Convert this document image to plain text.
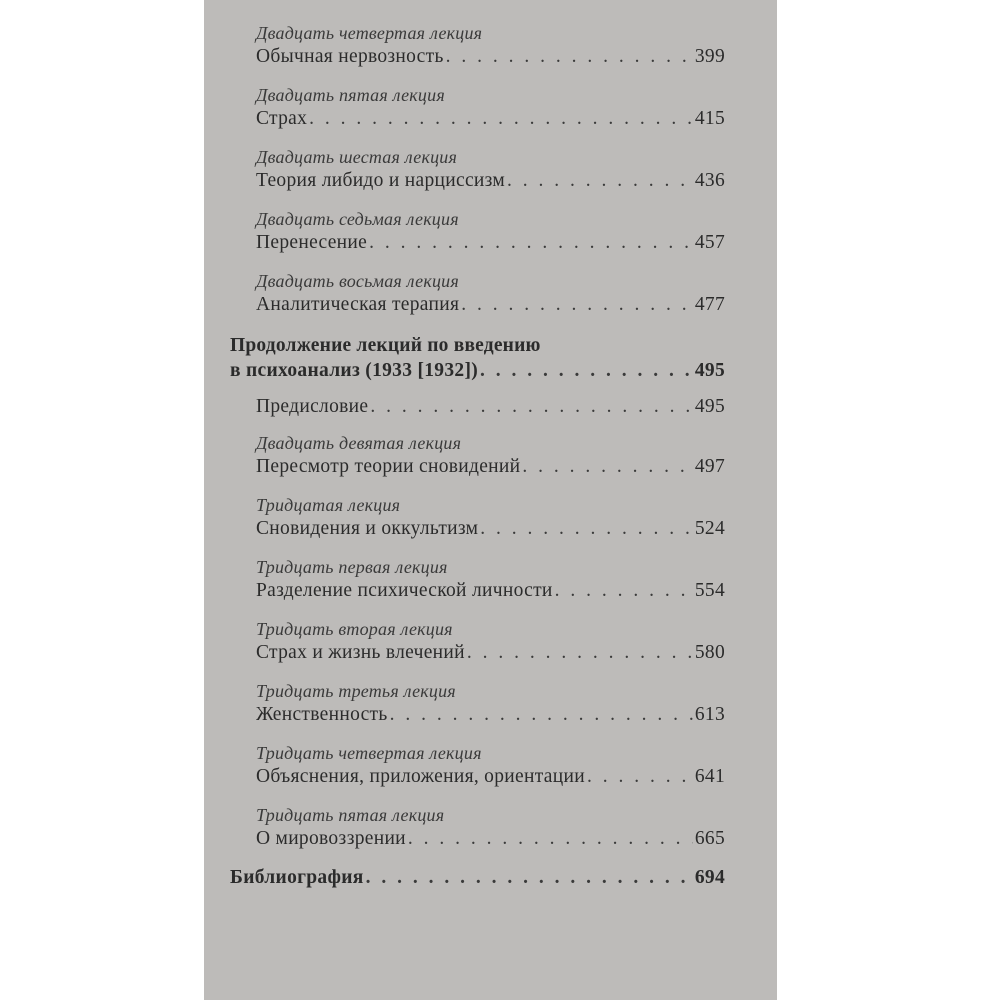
Двадцать четвертая лекция
Обычная нервозность . . .	399
Двадцать пятая лекция
Страх . . .	415
Двадцать шестая лекция
Теория либидо и нарциссизм . . .	436
Двадцать седьмая лекция
Перенесение . . .	457
Двадцать восьмая лекция
Аналитическая терапия . . .	477
Продолжение лекций по введению
в психоанализ (1933 [1932]) . . .	495
Предисловие . . .	495
Двадцать девятая лекция
Пересмотр теории сновидений . . .	497
Тридцатая лекция
Сновидения и оккультизм . . .	524
Тридцать первая лекция
Разделение психической личности . . .	554
Тридцать вторая лекция
Страх и жизнь влечений . . .	580
Тридцать третья лекция
Женственность . . .	613
Тридцать четвертая лекция
Объяснения, приложения, ориентации . . .	641
Тридцать пятая лекция
О мировоззрении . . .	665
Библиография . . .	694
